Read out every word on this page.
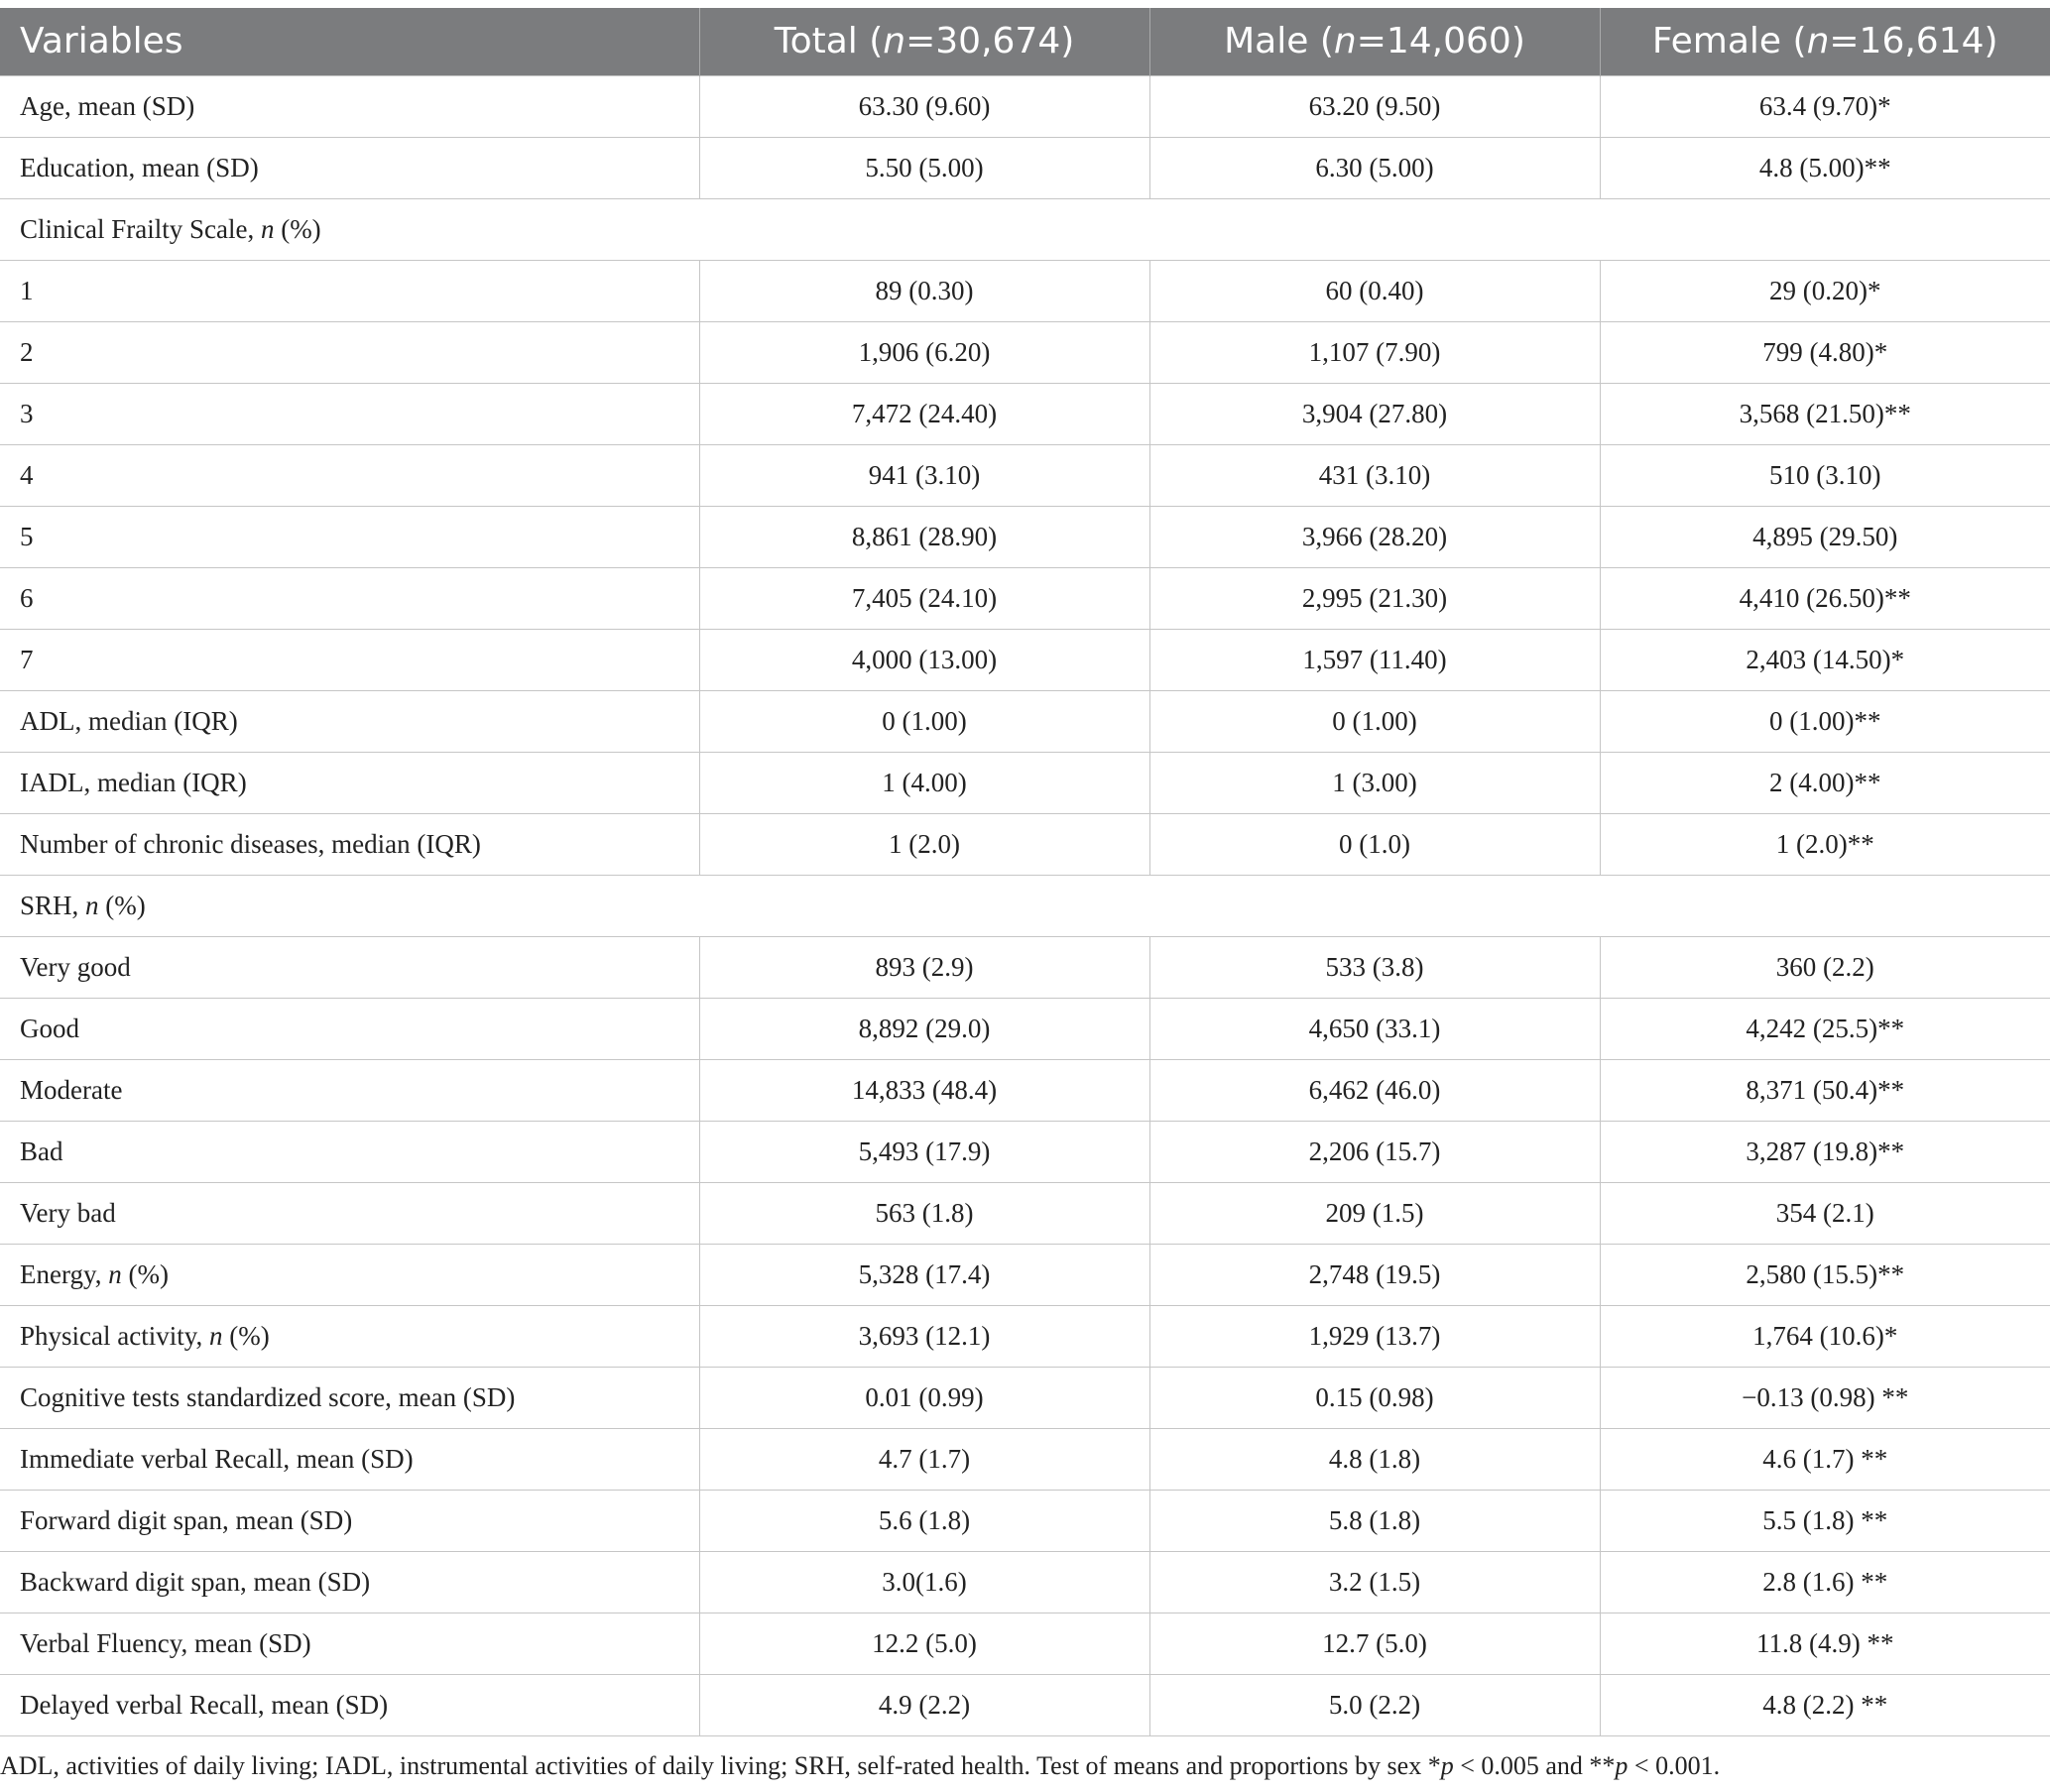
Variables	Total (n=30,674)	Male (n=14,060)	Female (n=16,614)
Age, mean (SD)	63.30 (9.60)	63.20 (9.50)	63.4 (9.70)*
Education, mean (SD)	5.50 (5.00)	6.30 (5.00)	4.8 (5.00)**
Clinical Frailty Scale, n (%)			
1	89 (0.30)	60 (0.40)	29 (0.20)*
2	1,906 (6.20)	1,107 (7.90)	799 (4.80)*
3	7,472 (24.40)	3,904 (27.80)	3,568 (21.50)**
4	941 (3.10)	431 (3.10)	510 (3.10)
5	8,861 (28.90)	3,966 (28.20)	4,895 (29.50)
6	7,405 (24.10)	2,995 (21.30)	4,410 (26.50)**
7	4,000 (13.00)	1,597 (11.40)	2,403 (14.50)*
ADL, median (IQR)	0 (1.00)	0 (1.00)	0 (1.00)**
IADL, median (IQR)	1 (4.00)	1 (3.00)	2 (4.00)**
Number of chronic diseases, median (IQR)	1 (2.0)	0 (1.0)	1 (2.0)**
SRH, n (%)			
Very good	893 (2.9)	533 (3.8)	360 (2.2)
Good	8,892 (29.0)	4,650 (33.1)	4,242 (25.5)**
Moderate	14,833 (48.4)	6,462 (46.0)	8,371 (50.4)**
Bad	5,493 (17.9)	2,206 (15.7)	3,287 (19.8)**
Very bad	563 (1.8)	209 (1.5)	354 (2.1)
Energy, n (%)	5,328 (17.4)	2,748 (19.5)	2,580 (15.5)**
Physical activity, n (%)	3,693 (12.1)	1,929 (13.7)	1,764 (10.6)*
Cognitive tests standardized score, mean (SD)	0.01 (0.99)	0.15 (0.98)	−0.13 (0.98) **
Immediate verbal Recall, mean (SD)	4.7 (1.7)	4.8 (1.8)	4.6 (1.7) **
Forward digit span, mean (SD)	5.6 (1.8)	5.8 (1.8)	5.5 (1.8) **
Backward digit span, mean (SD)	3.0(1.6)	3.2 (1.5)	2.8 (1.6) **
Verbal Fluency, mean (SD)	12.2 (5.0)	12.7 (5.0)	11.8 (4.9) **
Delayed verbal Recall, mean (SD)	4.9 (2.2)	5.0 (2.2)	4.8 (2.2) **
ADL, activities of daily living; IADL, instrumental activities of daily living; SRH, self-rated health. Test of means and proportions by sex *p < 0.005 and **p < 0.001.
